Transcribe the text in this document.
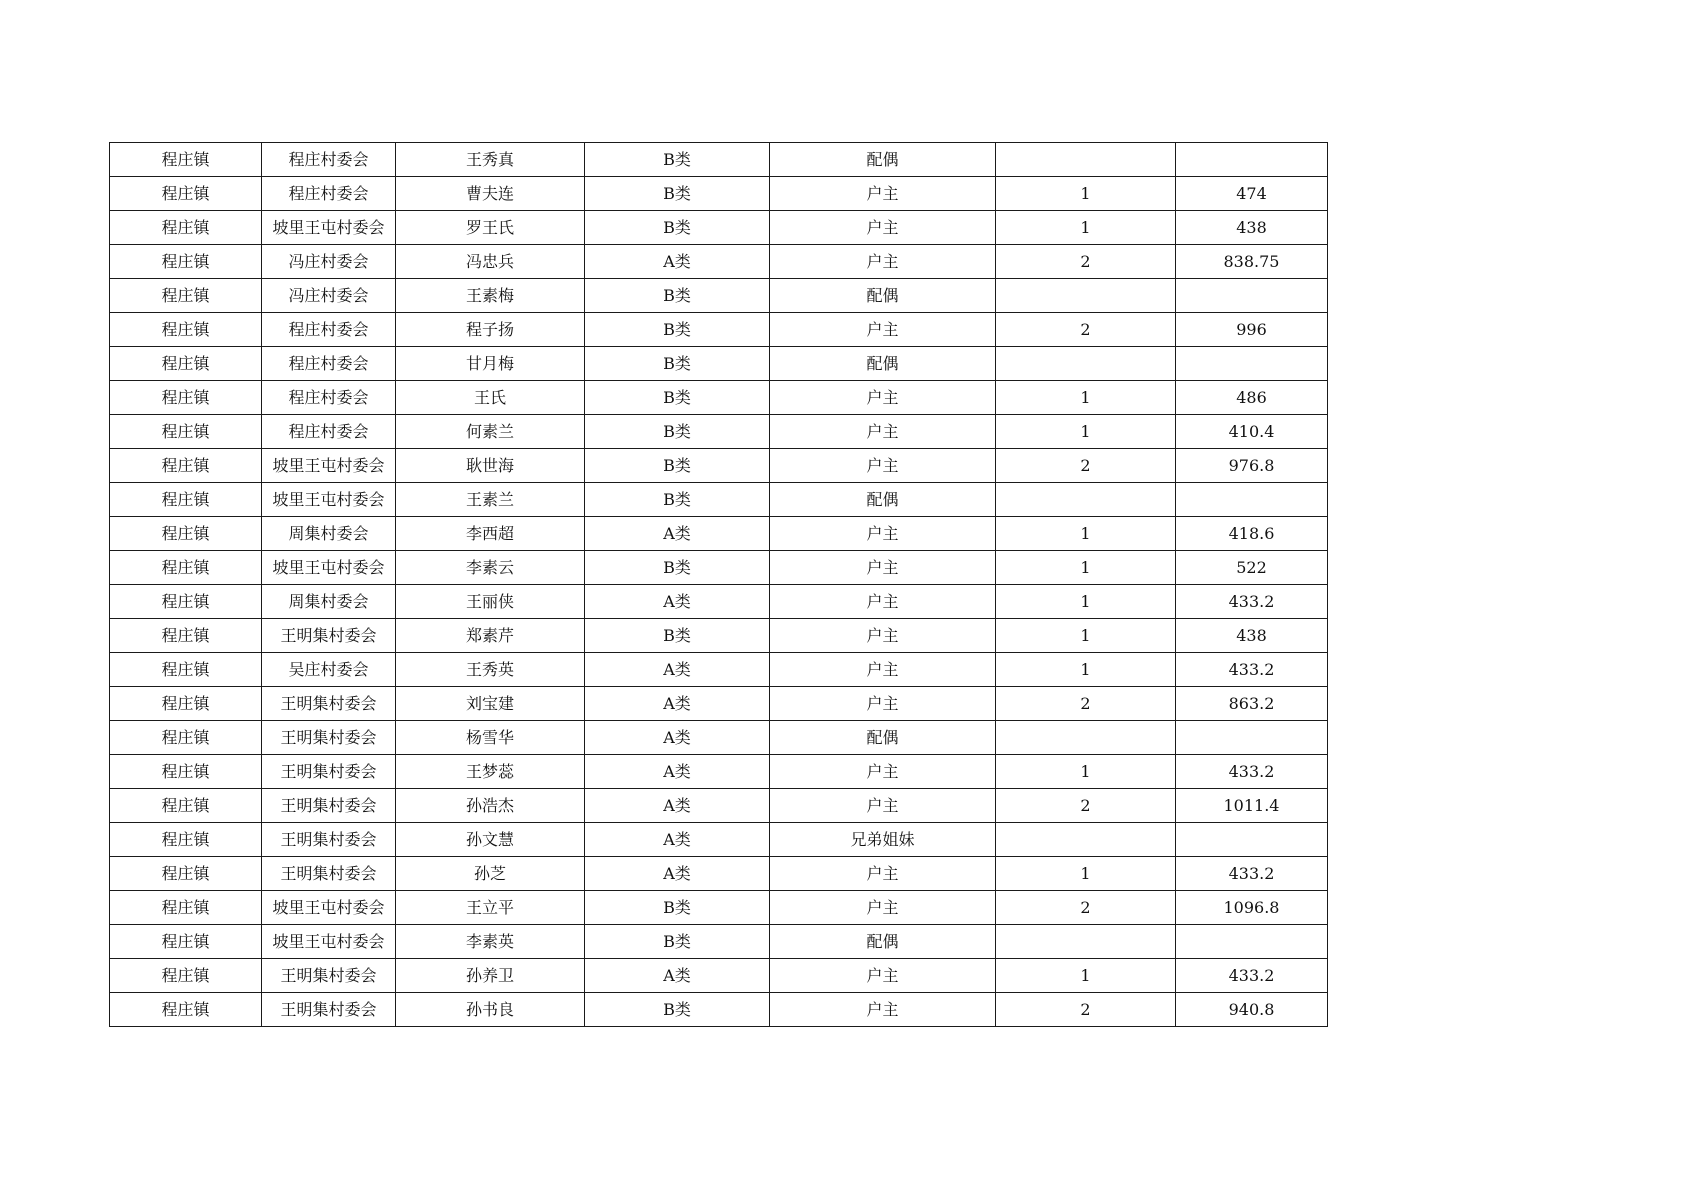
程庄镇	程庄村委会	王秀真	B类	配偶		
程庄镇	程庄村委会	曹夫连	B类	户主	1	474
程庄镇	坡里王屯村委会	罗王氏	B类	户主	1	438
程庄镇	冯庄村委会	冯忠兵	A类	户主	2	838.75
程庄镇	冯庄村委会	王素梅	B类	配偶		
程庄镇	程庄村委会	程子扬	B类	户主	2	996
程庄镇	程庄村委会	甘月梅	B类	配偶		
程庄镇	程庄村委会	王氏	B类	户主	1	486
程庄镇	程庄村委会	何素兰	B类	户主	1	410.4
程庄镇	坡里王屯村委会	耿世海	B类	户主	2	976.8
程庄镇	坡里王屯村委会	王素兰	B类	配偶		
程庄镇	周集村委会	李西超	A类	户主	1	418.6
程庄镇	坡里王屯村委会	李素云	B类	户主	1	522
程庄镇	周集村委会	王丽侠	A类	户主	1	433.2
程庄镇	王明集村委会	郑素芹	B类	户主	1	438
程庄镇	吴庄村委会	王秀英	A类	户主	1	433.2
程庄镇	王明集村委会	刘宝建	A类	户主	2	863.2
程庄镇	王明集村委会	杨雪华	A类	配偶		
程庄镇	王明集村委会	王梦蕊	A类	户主	1	433.2
程庄镇	王明集村委会	孙浩杰	A类	户主	2	1011.4
程庄镇	王明集村委会	孙文慧	A类	兄弟姐妹		
程庄镇	王明集村委会	孙芝	A类	户主	1	433.2
程庄镇	坡里王屯村委会	王立平	B类	户主	2	1096.8
程庄镇	坡里王屯村委会	李素英	B类	配偶		
程庄镇	王明集村委会	孙养卫	A类	户主	1	433.2
程庄镇	王明集村委会	孙书良	B类	户主	2	940.8
